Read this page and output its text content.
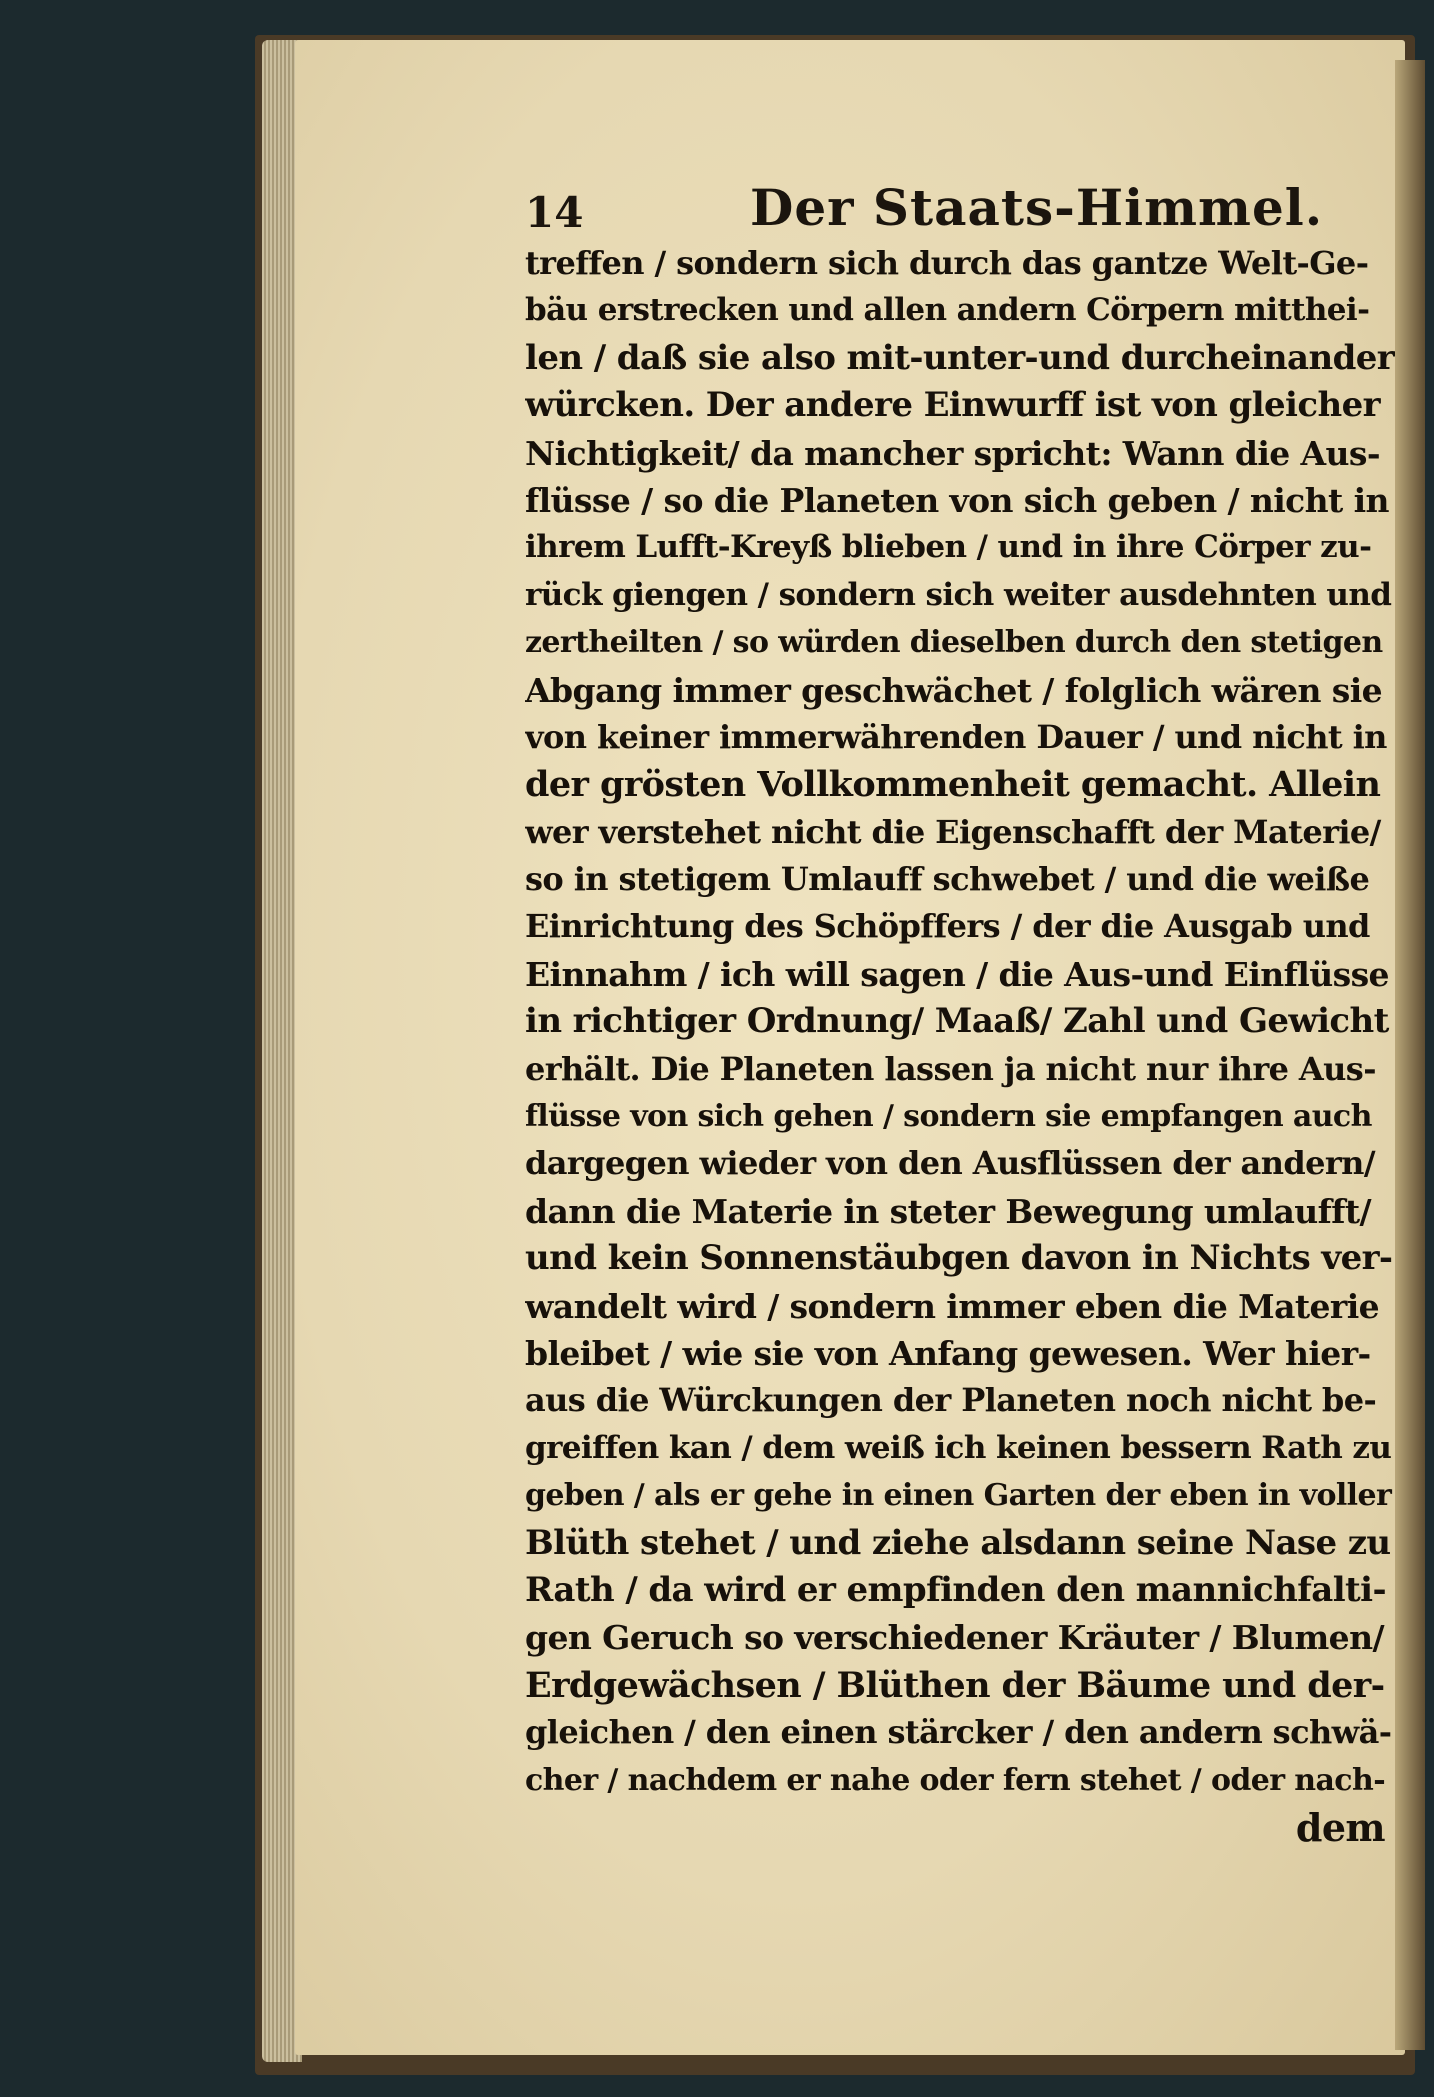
14	Der Staats-Himmel.
treffen / sondern sich durch das gantze Welt-Ge-
bäu erstrecken und allen andern Cörpern mitthei-
len / daß sie also mit-unter-und durcheinander
würcken. Der andere Einwurff ist von gleicher
Nichtigkeit/ da mancher spricht: Wann die Aus-
flüsse / so die Planeten von sich geben / nicht in
ihrem Lufft-Kreyß blieben / und in ihre Cörper zu-
rück giengen / sondern sich weiter ausdehnten und
zertheilten / so würden dieselben durch den stetigen
Abgang immer geschwächet / folglich wären sie
von keiner immerwährenden Dauer / und nicht in
der grösten Vollkommenheit gemacht. Allein
wer verstehet nicht die Eigenschafft der Materie/
so in stetigem Umlauff schwebet / und die weiße
Einrichtung des Schöpffers / der die Ausgab und
Einnahm / ich will sagen / die Aus-und Einflüsse
in richtiger Ordnung/ Maaß/ Zahl und Gewicht
erhält. Die Planeten lassen ja nicht nur ihre Aus-
flüsse von sich gehen / sondern sie empfangen auch
dargegen wieder von den Ausflüssen der andern/
dann die Materie in steter Bewegung umlaufft/
und kein Sonnenstäubgen davon in Nichts ver-
wandelt wird / sondern immer eben die Materie
bleibet / wie sie von Anfang gewesen. Wer hier-
aus die Würckungen der Planeten noch nicht be-
greiffen kan / dem weiß ich keinen bessern Rath zu
geben / als er gehe in einen Garten der eben in voller
Blüth stehet / und ziehe alsdann seine Nase zu
Rath / da wird er empfinden den mannichfalti-
gen Geruch so verschiedener Kräuter / Blumen/
Erdgewächsen / Blüthen der Bäume und der-
gleichen / den einen stärcker / den andern schwä-
cher / nachdem er nahe oder fern stehet / oder nach-
dem
